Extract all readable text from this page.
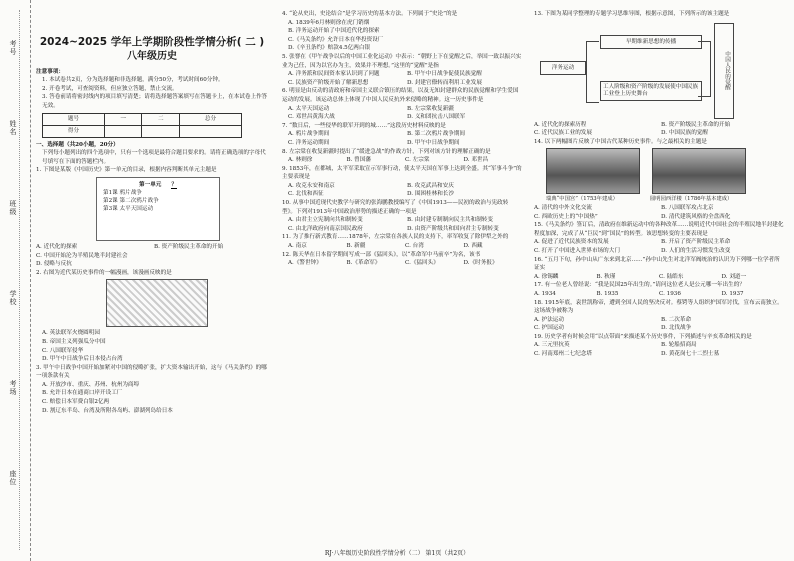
考号
姓名
班级
学校
考场
座位
2024~2025 学年上学期阶段性学情分析( 二 )
八年级历史

注意事项：

1. 本试卷共2页，分为选择题和非选择题，满分50分，考试时间60分钟。

2. 开卷考试，可查阅资料，但应独立答题，禁止交流。

3. 答卷前请将密封线内的项目填写清楚；请将选择题答案填写在答题卡上，在本试卷上作答无效。

题号	一	二	总分
得分			

一、选择题（共20小题，20分）

下列每小题列出的四个选项中，只有一个选项是最符合题目要求的。请将正确选项的字母代号填写在下面的答题栏内。

1. 下图是某版《中国历史》第一单元的目录，根据内容判断其单元主题是

第一单元 ？
第1课 鸦片战争
第2课 第二次鸦片战争
第3课 太平天国运动
A. 近代化的探索	B. 资产阶级民主革命的开始
C. 中国开始沦为半殖民地半封建社会
D. 侵略与反抗

2. 右图为近代某历史事件的一幅漫画，该漫画反映的是

A. 英法联军火烧圆明园

B. 帝国主义列强瓜分中国

C. 八国联军侵华

D. 甲午中日战争后日本侵占台湾

3. 甲午中日战争中国开始加紧对中国的侵略扩张，扩大资本输出开始，这与《马关条约》的哪一项条款有关

A. 开放沙市、重庆、苏州、杭州为商埠

B. 允许日本在通商口岸开设工厂

C. 赔偿日本军费白银2亿两

D. 割辽东半岛、台湾及所附各岛屿、澎湖列岛给日本

4. “论从史出，史论结合”是学习历史的基本方法。下列属于“史论”的是

A. 1839年6月林则徐在虎门销烟

B. 洋务运动开始了中国近代化的探索

C.《马关条约》允许日本在华投资设厂

D.《辛丑条约》赔款4.5亿两白银

5. 张謇在《甲午战争以后的中国工业化运动》中表示：“朝野上下在觉醒之后，举国一致以振兴实业为己任，因为以官办为主，效果并不理想。”这里的“觉醒”是指

A. 洋务派和民间资本家认识到了问题	B. 甲午中日战争促使民族觉醒
C. 民族资产阶级开始了解新思想	D. 封建官僚转而利用工业发展

6. 明显是由反动的清政府和帝国主义联合镇压的结果，以及无知封建群众的民族觉醒和学生爱国运动的发展。该运动总体上体现了中国人民反抗外来侵略的精神。这一历史事件是

A. 太平天国运动	B. 左宗棠收复新疆
C. 邓世昌黄海大战	D. 义和团抗击八国联军

7. “数日后，一些侵华的联军开到的城……”这段历史材料反映的是

A. 鸦片战争期间	B. 第二次鸦片战争期间
C. 洋务运动期间	D. 甲午中日战争期间

8. 左宗棠在收复新疆时提出了“缓进急战”的作战方针，下列对该方针的理解正确的是

A. 林则徐	B. 曾国藩	C. 左宗棠	D. 邓世昌

9. 1853年，在都城，太平军采取宣示军事行动，使太平天国在军事上达到全盛。其“军事斗争”的主要表现是

A. 攻克永安和南京	B. 攻克武昌和安庆
C. 北伐和西征	D. 围困桂林和长沙

10. 从事中国近现代史教学与研究的张海鹏教授编写了《中国1913——民初的政治与宪政转型》。下列对1913年中国政治形势的描述正确的一项是

A. 由君主立宪制向共和制转变	B. 由封建专制制向民主共和制转变
C. 由北洋政府向南京国民政府	D. 由资产阶级共和国向君主专制转变

11. 为了推行新式教育……1878年，左宗棠在各族人民的支持下，率军收复了除伊犁之外的

A. 南京	B. 新疆	C. 台湾	D. 西藏

12. 陈天华在日本留学期间写成一部《猛回头》，以“革命军中马前卒”为名，该书

A.《警世钟》	B.《革命军》	C.《猛回头》	D.《时务报》

13. 下图为某同学整理的专题学习思维导图，根据示意图，下列所示的该主题是

洋务运动
早期维新思想的传播
工人阶级和资产阶级的发展使中国民族工业登上历史舞台
中国人民的觉醒
A. 近代化的探索历程	B. 资产阶级民主革命的开始
C. 近代民族工业的发展	D. 中国民族的觉醒

14. 以下两幅图片反映了中国古代某种历史事件。与之最相关的主题是

瑞典“中国宫”（1753年建成）	圆明园西洋楼（1786年基本建成）
A. 清代的中外文化交流	B. 八国联军攻占北京
C. 西欧历史上的“中国热”	D. 清代建筑风格的全盘西化

15.《马关条约》签订后，清政府在维新运动中的各种改革……说明近代中国社会的半殖民地半封建化程度加深，完成了从“巨民”到“国民”的转型。该思想转变的主要表现是

A. 促进了近代民族资本的发展	B. 开启了资产阶级民主革命
C. 打开了中国进入世界市场的大门	D. 人们的生活习惯发生改变

16. “五月下旬，孙中山从广东来到北京……”孙中山先生对北洋军阀统治的认识为下列哪一位学者所证实

A. 徐锡麟	B. 秋瑾	C. 陆皓东	D. 刘道一

17. 有一位老人曾经说：“我是民国25年出生的。”请问这位老人是公元哪一年出生的？

A. 1934	B. 1935	C. 1936	D. 1937

18. 1915年底，袁世凯称帝，遭到全国人民的坚决反对。蔡锷等人组织护国军讨伐，宣布云南独立。这场战争被称为

A. 护法运动	B. 二次革命
C. 护国运动	D. 北伐战争

19. 历史学者有时候会用“以点带面”来描述某个历史事件，下列描述与辛亥革命相关的是

A. 三元里抗英	B. 轮船招商局
C. 河南郑州二七纪念塔	D. 黄花岗七十二烈士墓
RJ·八年级历史阶段性学情分析（二） 第1页（共2页）
